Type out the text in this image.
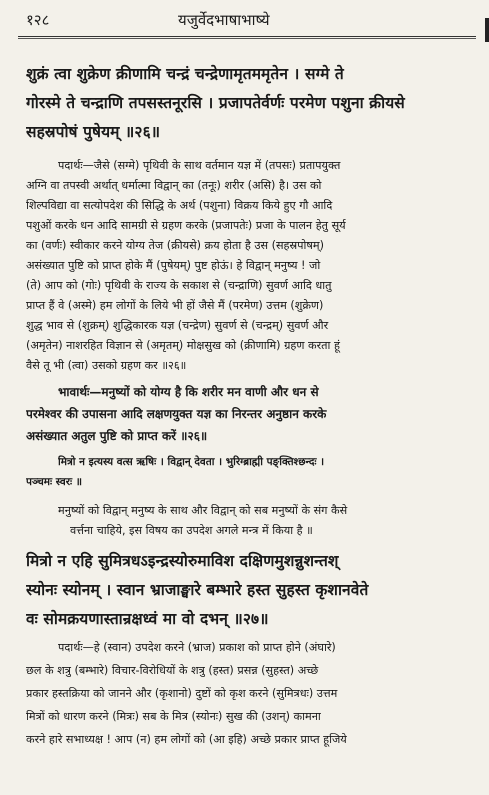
१२८	यजुर्वेदभाषाभाष्ये
शुक्रं त्वा शुक्रेण क्रीणामि चन्द्रं चन्द्रेणामृतममृतेन । सग्मे ते
गोरस्मे ते चन्द्राणि तपसस्तनूरसि । प्रजापतेर्वर्णः परमेण पशुना क्रीयसे
सहस्रपोषं पुषेयम् ॥२६॥
पदार्थः—जैसे (सग्मे) पृथिवी के साथ वर्तमान यज्ञ में (तपसः) प्रतापयुक्त
अग्नि वा तपस्वी अर्थात् धर्मात्मा विद्वान् का (तनूः) शरीर (असि) है। उस को
शिल्पविद्या वा सत्योपदेश की सिद्धि के अर्थ (पशुना) विक्रय किये हुए गौ आदि
पशुओं करके धन आदि सामग्री से ग्रहण करके (प्रजापतेः) प्रजा के पालन हेतु सूर्य
का (वर्णः) स्वीकार करने योग्य तेज (क्रीयसे) क्रय होता है उस (सहस्रपोषम्)
असंख्यात पुष्टि को प्राप्त होके मैं (पुषेयम्) पुष्ट होऊं। हे विद्वान् मनुष्य ! जो
(ते) आप को (गोः) पृथिवी के राज्य के सकाश से (चन्द्राणि) सुवर्ण आदि धातु
प्राप्त हैं वे (अस्मे) हम लोगों के लिये भी हों जैसे मैं (परमेण) उत्तम (शुक्रेण)
शुद्ध भाव से (शुक्रम्) शुद्धिकारक यज्ञ (चन्द्रेण) सुवर्ण से (चन्द्रम्) सुवर्ण और
(अमृतेन) नाशरहित विज्ञान से (अमृतम्) मोक्षसुख को (क्रीणामि) ग्रहण करता हूं
वैसे तू भी (त्वा) उसको ग्रहण कर ॥२६॥
भावार्थः—मनुष्यों को योग्य है कि शरीर मन वाणी और धन से
परमेश्वर की उपासना आदि लक्षणयुक्त यज्ञ का निरन्तर अनुष्ठान करके
असंख्यात अतुल पुष्टि को प्राप्त करें ॥२६॥
मित्रो न इत्यस्य वत्स ऋषिः । विद्वान् देवता । भुरिग्ब्राह्मी पङ्क्तिश्छन्दः ।
पञ्चमः स्वरः ॥
मनुष्यों को विद्वान् मनुष्य के साथ और विद्वान् को सब मनुष्यों के संग कैसे
वर्त्तना चाहिये, इस विषय का उपदेश अगले मन्त्र में किया है ॥
मित्रो न एहि सुमित्रधऽइन्द्रस्योरुमाविश दक्षिणमुशन्नुशन्तश्
स्योनः स्योनम् । स्वान भ्राजाङ्घारे बम्भारे हस्त सुहस्त कृशानवेते
वः सोमक्रयणास्तान्रक्षध्वं मा वो दभन् ॥२७॥
पदार्थः—हे (स्वान) उपदेश करने (भ्राज) प्रकाश को प्राप्त होने (अंघारे)
छल के शत्रु (बम्भारे) विचार-विरोधियों के शत्रु (हस्त) प्रसन्न (सुहस्त) अच्छे
प्रकार हस्तक्रिया को जानने और (कृशानो) दुष्टों को कृश करने (सुमित्रधः) उत्तम
मित्रों को धारण करने (मित्रः) सब के मित्र (स्योनः) सुख की (उशन्) कामना
करने हारे सभाध्यक्ष ! आप (न) हम लोगों को (आ इहि) अच्छे प्रकार प्राप्त हूजिये
